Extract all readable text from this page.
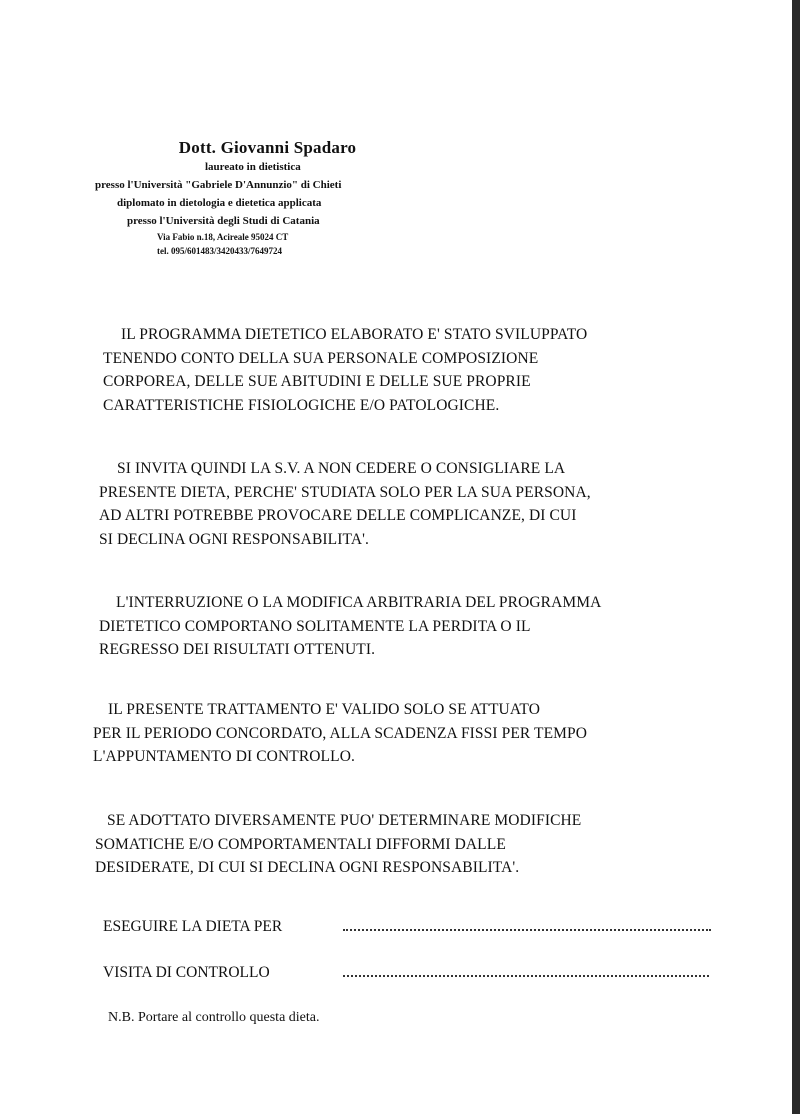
Dott. Giovanni Spadaro
laureato in dietistica
presso l'Università "Gabriele D'Annunzio" di Chieti
diplomato in dietologia e dietetica applicata
presso l'Università degli Studi di Catania
Via Fabio n.18, Acireale 95024 CT
tel. 095/601483/3420433/7649724
IL PROGRAMMA DIETETICO ELABORATO E' STATO SVILUPPATO
TENENDO CONTO DELLA SUA PERSONALE COMPOSIZIONE
CORPOREA, DELLE SUE ABITUDINI E DELLE SUE PROPRIE
CARATTERISTICHE FISIOLOGICHE E/O PATOLOGICHE.
SI INVITA QUINDI LA S.V. A NON CEDERE O CONSIGLIARE LA
PRESENTE DIETA, PERCHE' STUDIATA SOLO PER LA SUA PERSONA,
AD ALTRI POTREBBE PROVOCARE DELLE COMPLICANZE, DI CUI
SI DECLINA OGNI RESPONSABILITA'.
L'INTERRUZIONE O LA MODIFICA ARBITRARIA DEL PROGRAMMA
DIETETICO COMPORTANO SOLITAMENTE LA PERDITA O IL
REGRESSO DEI RISULTATI OTTENUTI.
IL PRESENTE TRATTAMENTO E' VALIDO SOLO SE ATTUATO
PER IL PERIODO CONCORDATO, ALLA SCADENZA FISSI PER TEMPO
L'APPUNTAMENTO DI CONTROLLO.
SE ADOTTATO DIVERSAMENTE PUO' DETERMINARE MODIFICHE
SOMATICHE E/O COMPORTAMENTALI DIFFORMI DALLE
DESIDERATE, DI CUI SI DECLINA OGNI RESPONSABILITA'.
ESEGUIRE LA DIETA PER
VISITA DI CONTROLLO
N.B. Portare al controllo questa dieta.
